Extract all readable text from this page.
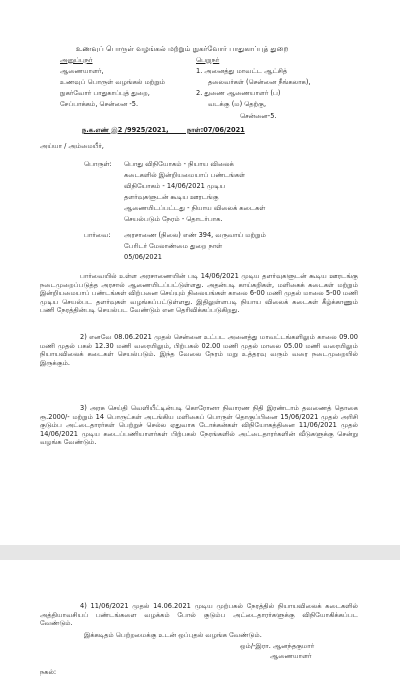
உணவுப் பொருள் வழங்கல் மற்றும் நுகர்வோர் பாதுகாப்புத் துறை
அனுப்புநர்
ஆணையாளர்,
உணவுப் பொருள் வழங்கல் மற்றும்
நுகர்வோர் பாதுகாப்புத் துறை,
சேப்பாக்கம், சென்னை -5.
பெறுநர்
1. அனைத்து மாவட்ட ஆட்சித்
தலைவர்கள் (சென்னை நீங்கலாக),
2. துணை ஆணையாளர் (ப)
வடக்கு (ம) தெற்கு,
சென்னை-5.
ந.க.எண் இ2 /9925/2021,        நாள்:07/06/2021
அய்யா / அம்மையீர்,
பொருள்: பொது விநியோகம் - நியாய விலைக்
கடைகளில் இன்றியமையாப் பண்டங்கள்
விநியோகம் - 14/06/2021 முடிய
தளர்வுகளுடன் கூடிய ஊரடங்கு
ஆணையிடப்பட்டது - நியாய விலைக் கடைகள்
செயல்படும் நேரம் - தொடர்பாக.
பார்வை: அரசாணை (நிலை) எண் 394, வருவாய் மற்றும்
பேரிடர் மேலாண்மை துறை நாள்
05/06/2021
பார்வையில் உள்ள அரசாணையின் படி 14/06/2021 முடிய தளர்வுகளுடன் கூடிய ஊரடங்கு நடைமுறைப்படுத்த அரசால் ஆணையிடப்பட்டுள்ளது. அதன்படி காய்கறிகள், மளிகைக் கடைகள் மற்றும் இன்றியமையாப் பண்டங்கள் விற்பனை செய்யும் நிலையங்கள் காலை 6-00 மணி முதல் மாலை 5-00 மணி முடிய செயல்பட தளர்வுகள் வழங்கப்பட்டுள்ளது. இதிலுள்ளபடி நியாய விலைக் கடைகள் கீழ்க்காணும் பணி நேரத்தின்படி செயல்பட வேண்டும் என தெரிவிக்கப்படுகிறது.
2) எனவே 08.06.2021 முதல் சென்னை உட்பட அனைத்து மாவட்டங்களிலும் காலை 09.00 மணி முதல் பகல் 12.30 மணி வரையிலும், பிற்பகல் 02.00 மணி முதல் மாலை 05.00 மணி வரையிலும் நியாயவிலைக் கடைகள் செயல்படும். இந்த வேலை நேரம் மறு உத்தரவு வரும் வரை நடைமுறையில் இருக்கும்.
3) அரசு செய்தி வெளியீட்டின்படி கொரோனா நிவாரண நிதி இரண்டாம் தவணைத் தொகை ரூ.2000/- மற்றும் 14 பொருட்கள் அடங்கிய மளிகைப் பொருள் தொகுப்பினை 15/06/2021 முதல் அரிசி குடும்ப அட்டைதாரர்கள் பெற்றுச் செல்ல ஏதுவாக டோக்கன்கள் விநியோகத்தினை 11/06/2021 முதல் 14/06/2021 முடிய கடைப்பணியாளர்கள் பிற்பகல் நேரங்களில் அட்டைதாரர்களின் வீடுகளுக்கு சென்று வழங்க வேண்டும்.
4) 11/06/2021 முதல் 14.06.2021 முடிய முற்பகல் நேரத்தில் நியாயவிலைக் கடைகளில் அத்தியாவசியப் பண்டங்களை வழக்கம் போல் குடும்ப அட்டைதாரர்களுக்கு விநியோகிக்கப்பட வேண்டும்.
இக்கடிதம் பெற்றமைக்கு உடன் ஒப்புதல் வழங்க வேண்டும்.
ஒம்/-இரா. ஆனந்தகுமார்
ஆணையாளர்
நகல்:
